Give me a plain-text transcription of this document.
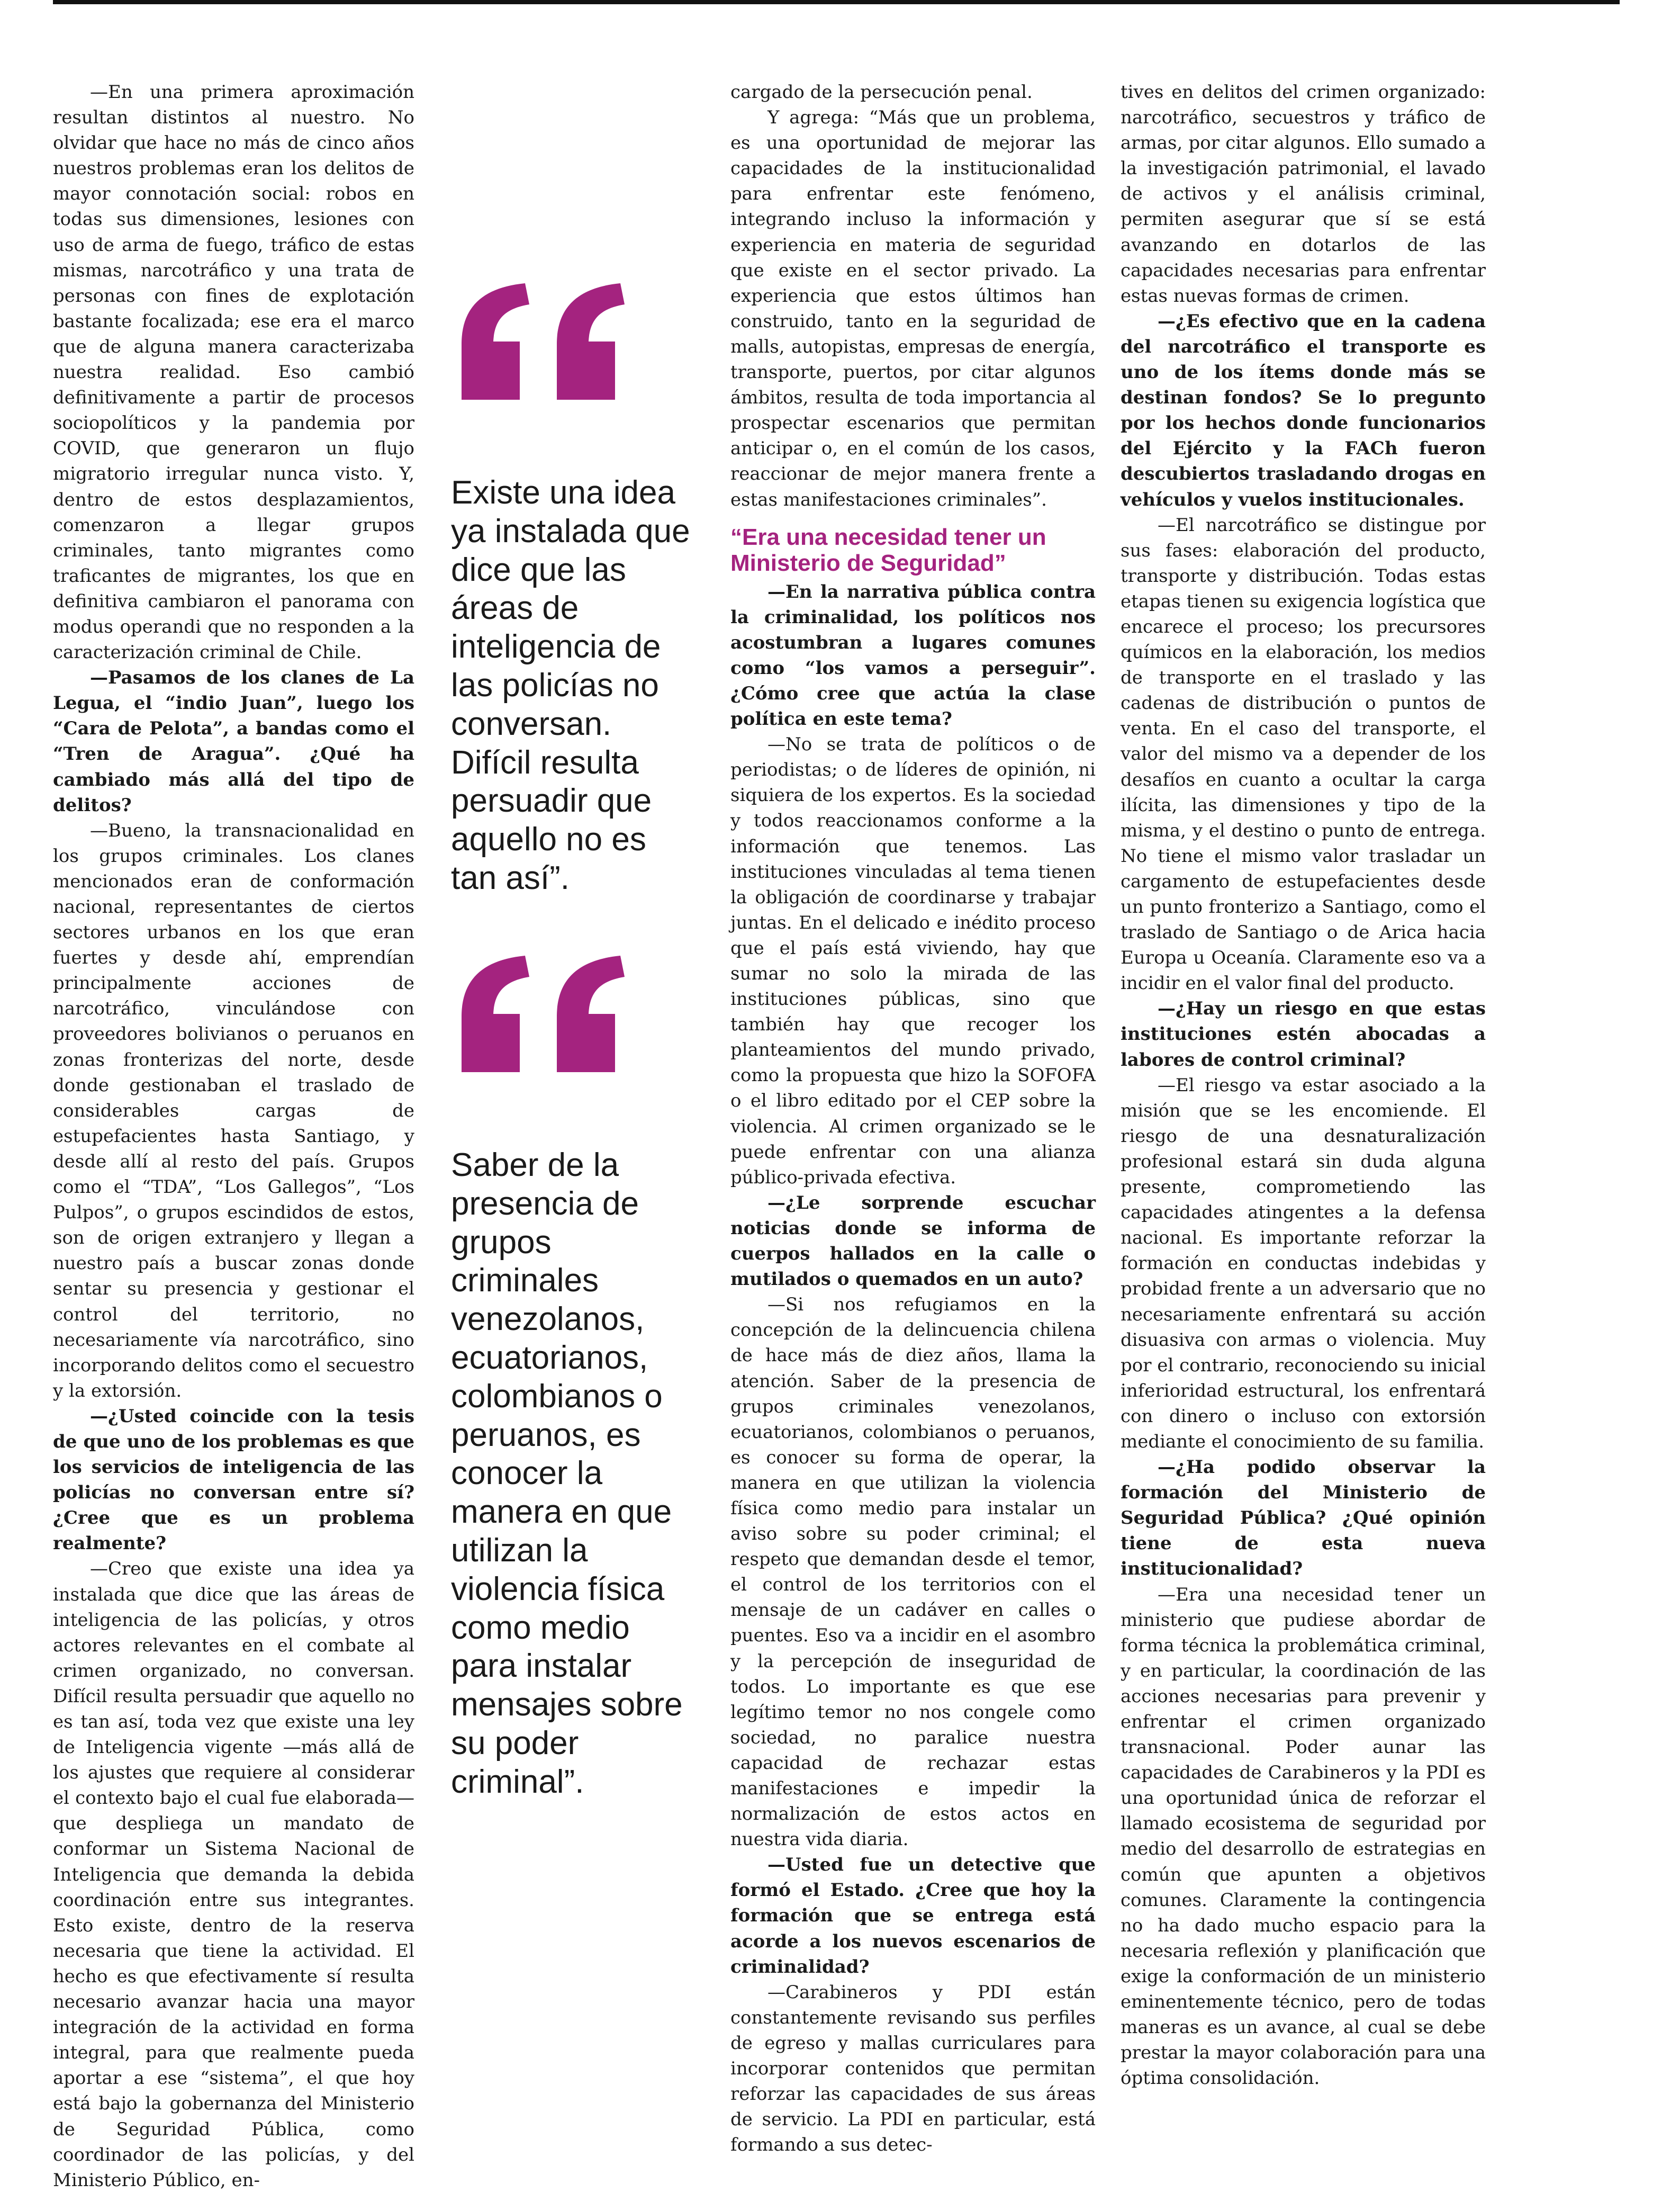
—En una primera aproximación resultan distintos al nuestro. No olvidar que hace no más de cinco años nuestros problemas eran los delitos de mayor connotación social: robos en todas sus dimensiones, lesiones con uso de arma de fuego, tráfico de estas mismas, narcotráfico y una trata de personas con fines de explotación bastante focalizada; ese era el marco que de alguna manera caracterizaba nuestra realidad. Eso cambió definitivamente a partir de procesos sociopolíticos y la pandemia por COVID, que generaron un flujo migratorio irregular nunca visto. Y, dentro de estos desplazamientos, comenzaron a llegar grupos criminales, tanto migrantes como traficantes de migrantes, los que en definitiva cambiaron el panorama con modus operandi que no responden a la caracterización criminal de Chile.

—Pasamos de los clanes de La Legua, el “indio Juan”, luego los “Cara de Pelota”, a bandas como el “Tren de Aragua”. ¿Qué ha cambiado más allá del tipo de delitos?

—Bueno, la transnacionalidad en los grupos criminales. Los clanes mencionados eran de conformación nacional, representantes de ciertos sectores urbanos en los que eran fuertes y desde ahí, emprendían principalmente acciones de narcotráfico, vinculándose con proveedores bolivianos o peruanos en zonas fronterizas del norte, desde donde gestionaban el traslado de considerables cargas de estupefacientes hasta Santiago, y desde allí al resto del país. Grupos como el “TDA”, “Los Gallegos”, “Los Pulpos”, o grupos escindidos de estos, son de origen extranjero y llegan a nuestro país a buscar zonas donde sentar su presencia y gestionar el control del territorio, no necesariamente vía narcotráfico, sino incorporando delitos como el secuestro y la extorsión.

—¿Usted coincide con la tesis de que uno de los problemas es que los servicios de inteligencia de las policías no conversan entre sí? ¿Cree que es un problema realmente?

—Creo que existe una idea ya instalada que dice que las áreas de inteligencia de las policías, y otros actores relevantes en el combate al crimen organizado, no conversan. Difícil resulta persuadir que aquello no es tan así, toda vez que existe una ley de Inteligencia vigente —más allá de los ajustes que requiere al considerar el contexto bajo el cual fue elaborada— que despliega un mandato de conformar un Sistema Nacional de Inteligencia que demanda la debida coordinación entre sus integrantes. Esto existe, dentro de la reserva necesaria que tiene la actividad. El hecho es que efectivamente sí resulta necesario avanzar hacia una mayor integración de la actividad en forma integral, para que realmente pueda aportar a ese “sistema”, el que hoy está bajo la gobernanza del Ministerio de Seguridad Pública, como coordinador de las policías, y del Ministerio Público, en-

Existe una idea ya instalada que dice que las áreas de inteligencia de las policías no conversan. Difícil resulta persuadir que aquello no es tan así”.

Saber de la presencia de grupos criminales venezolanos, ecuatorianos, colombianos o peruanos, es conocer la manera en que utilizan la violencia física como medio para instalar mensajes sobre su poder criminal”.

cargado de la persecución penal.

Y agrega: “Más que un problema, es una oportunidad de mejorar las capacidades de la institucionalidad para enfrentar este fenómeno, integrando incluso la información y experiencia en materia de seguridad que existe en el sector privado. La experiencia que estos últimos han construido, tanto en la seguridad de malls, autopistas, empresas de energía, transporte, puertos, por citar algunos ámbitos, resulta de toda importancia al prospectar escenarios que permitan anticipar o, en el común de los casos, reaccionar de mejor manera frente a estas manifestaciones criminales”.

“Era una necesidad tener un Ministerio de Seguridad”

—En la narrativa pública contra la criminalidad, los políticos nos acostumbran a lugares comunes como “los vamos a perseguir”. ¿Cómo cree que actúa la clase política en este tema?

—No se trata de políticos o de periodistas; o de líderes de opinión, ni siquiera de los expertos. Es la sociedad y todos reaccionamos conforme a la información que tenemos. Las instituciones vinculadas al tema tienen la obligación de coordinarse y trabajar juntas. En el delicado e inédito proceso que el país está viviendo, hay que sumar no solo la mirada de las instituciones públicas, sino que también hay que recoger los planteamientos del mundo privado, como la propuesta que hizo la SOFOFA o el libro editado por el CEP sobre la violencia. Al crimen organizado se le puede enfrentar con una alianza público-privada efectiva.

—¿Le sorprende escuchar noticias donde se informa de cuerpos hallados en la calle o mutilados o quemados en un auto?

—Si nos refugiamos en la concepción de la delincuencia chilena de hace más de diez años, llama la atención. Saber de la presencia de grupos criminales venezolanos, ecuatorianos, colombianos o peruanos, es conocer su forma de operar, la manera en que utilizan la violencia física como medio para instalar un aviso sobre su poder criminal; el respeto que demandan desde el temor, el control de los territorios con el mensaje de un cadáver en calles o puentes. Eso va a incidir en el asombro y la percepción de inseguridad de todos. Lo importante es que ese legítimo temor no nos congele como sociedad, no paralice nuestra capacidad de rechazar estas manifestaciones e impedir la normalización de estos actos en nuestra vida diaria.

—Usted fue un detective que formó el Estado. ¿Cree que hoy la formación que se entrega está acorde a los nuevos escenarios de criminalidad?

—Carabineros y PDI están constantemente revisando sus perfiles de egreso y mallas curriculares para incorporar contenidos que permitan reforzar las capacidades de sus áreas de servicio. La PDI en particular, está formando a sus detec-

tives en delitos del crimen organizado: narcotráfico, secuestros y tráfico de armas, por citar algunos. Ello sumado a la investigación patrimonial, el lavado de activos y el análisis criminal, permiten asegurar que sí se está avanzando en dotarlos de las capacidades necesarias para enfrentar estas nuevas formas de crimen.

—¿Es efectivo que en la cadena del narcotráfico el transporte es uno de los ítems donde más se destinan fondos? Se lo pregunto por los hechos donde funcionarios del Ejército y la FACh fueron descubiertos trasladando drogas en vehículos y vuelos institucionales.

—El narcotráfico se distingue por sus fases: elaboración del producto, transporte y distribución. Todas estas etapas tienen su exigencia logística que encarece el proceso; los precursores químicos en la elaboración, los medios de transporte en el traslado y las cadenas de distribución o puntos de venta. En el caso del transporte, el valor del mismo va a depender de los desafíos en cuanto a ocultar la carga ilícita, las dimensiones y tipo de la misma, y el destino o punto de entrega. No tiene el mismo valor trasladar un cargamento de estupefacientes desde un punto fronterizo a Santiago, como el traslado de Santiago o de Arica hacia Europa u Oceanía. Claramente eso va a incidir en el valor final del producto.

—¿Hay un riesgo en que estas instituciones estén abocadas a labores de control criminal?

—El riesgo va estar asociado a la misión que se les encomiende. El riesgo de una desnaturalización profesional estará sin duda alguna presente, comprometiendo las capacidades atingentes a la defensa nacional. Es importante reforzar la formación en conductas indebidas y probidad frente a un adversario que no necesariamente enfrentará su acción disuasiva con armas o violencia. Muy por el contrario, reconociendo su inicial inferioridad estructural, los enfrentará con dinero o incluso con extorsión mediante el conocimiento de su familia.

—¿Ha podido observar la formación del Ministerio de Seguridad Pública? ¿Qué opinión tiene de esta nueva institucionalidad?

—Era una necesidad tener un ministerio que pudiese abordar de forma técnica la problemática criminal, y en particular, la coordinación de las acciones necesarias para prevenir y enfrentar el crimen organizado transnacional. Poder aunar las capacidades de Carabineros y la PDI es una oportunidad única de reforzar el llamado ecosistema de seguridad por medio del desarrollo de estrategias en común que apunten a objetivos comunes. Claramente la contingencia no ha dado mucho espacio para la necesaria reflexión y planificación que exige la conformación de un ministerio eminentemente técnico, pero de todas maneras es un avance, al cual se debe prestar la mayor colaboración para una óptima consolidación.
